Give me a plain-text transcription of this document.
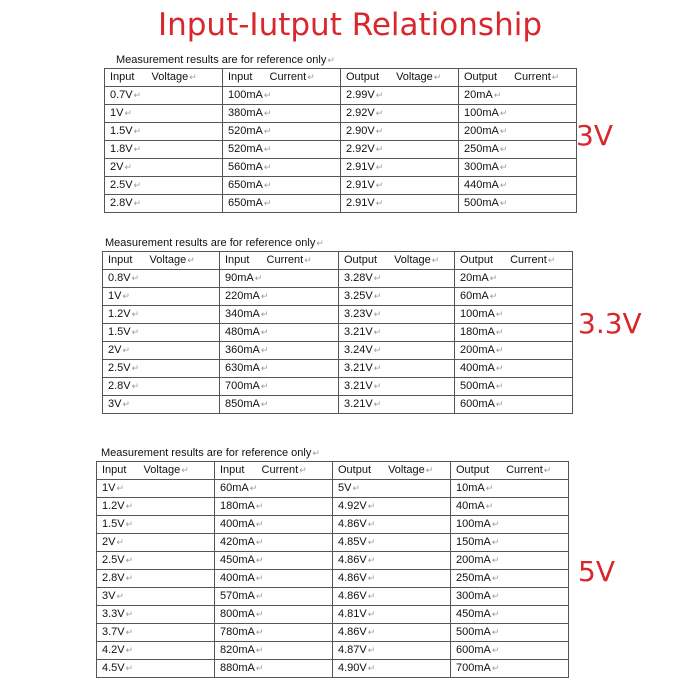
Input-Iutput Relationship
Measurement results are for reference only↵
Input Voltage↵	Input Current↵	Output Voltage↵	Output Current↵
0.7V↵	100mA↵	2.99V↵	20mA↵
1V↵	380mA↵	2.92V↵	100mA↵
1.5V↵	520mA↵	2.90V↵	200mA↵
1.8V↵	520mA↵	2.92V↵	250mA↵
2V↵	560mA↵	2.91V↵	300mA↵
2.5V↵	650mA↵	2.91V↵	440mA↵
2.8V↵	650mA↵	2.91V↵	500mA↵
3V
Measurement results are for reference only↵
Input Voltage↵	Input Current↵	Output Voltage↵	Output Current↵
0.8V↵	90mA↵	3.28V↵	20mA↵
1V↵	220mA↵	3.25V↵	60mA↵
1.2V↵	340mA↵	3.23V↵	100mA↵
1.5V↵	480mA↵	3.21V↵	180mA↵
2V↵	360mA↵	3.24V↵	200mA↵
2.5V↵	630mA↵	3.21V↵	400mA↵
2.8V↵	700mA↵	3.21V↵	500mA↵
3V↵	850mA↵	3.21V↵	600mA↵
3.3V
Measurement results are for reference only↵
Input Voltage↵	Input Current↵	Output Voltage↵	Output Current↵
1V↵	60mA↵	5V↵	10mA↵
1.2V↵	180mA↵	4.92V↵	40mA↵
1.5V↵	400mA↵	4.86V↵	100mA↵
2V↵	420mA↵	4.85V↵	150mA↵
2.5V↵	450mA↵	4.86V↵	200mA↵
2.8V↵	400mA↵	4.86V↵	250mA↵
3V↵	570mA↵	4.86V↵	300mA↵
3.3V↵	800mA↵	4.81V↵	450mA↵
3.7V↵	780mA↵	4.86V↵	500mA↵
4.2V↵	820mA↵	4.87V↵	600mA↵
4.5V↵	880mA↵	4.90V↵	700mA↵
5V
